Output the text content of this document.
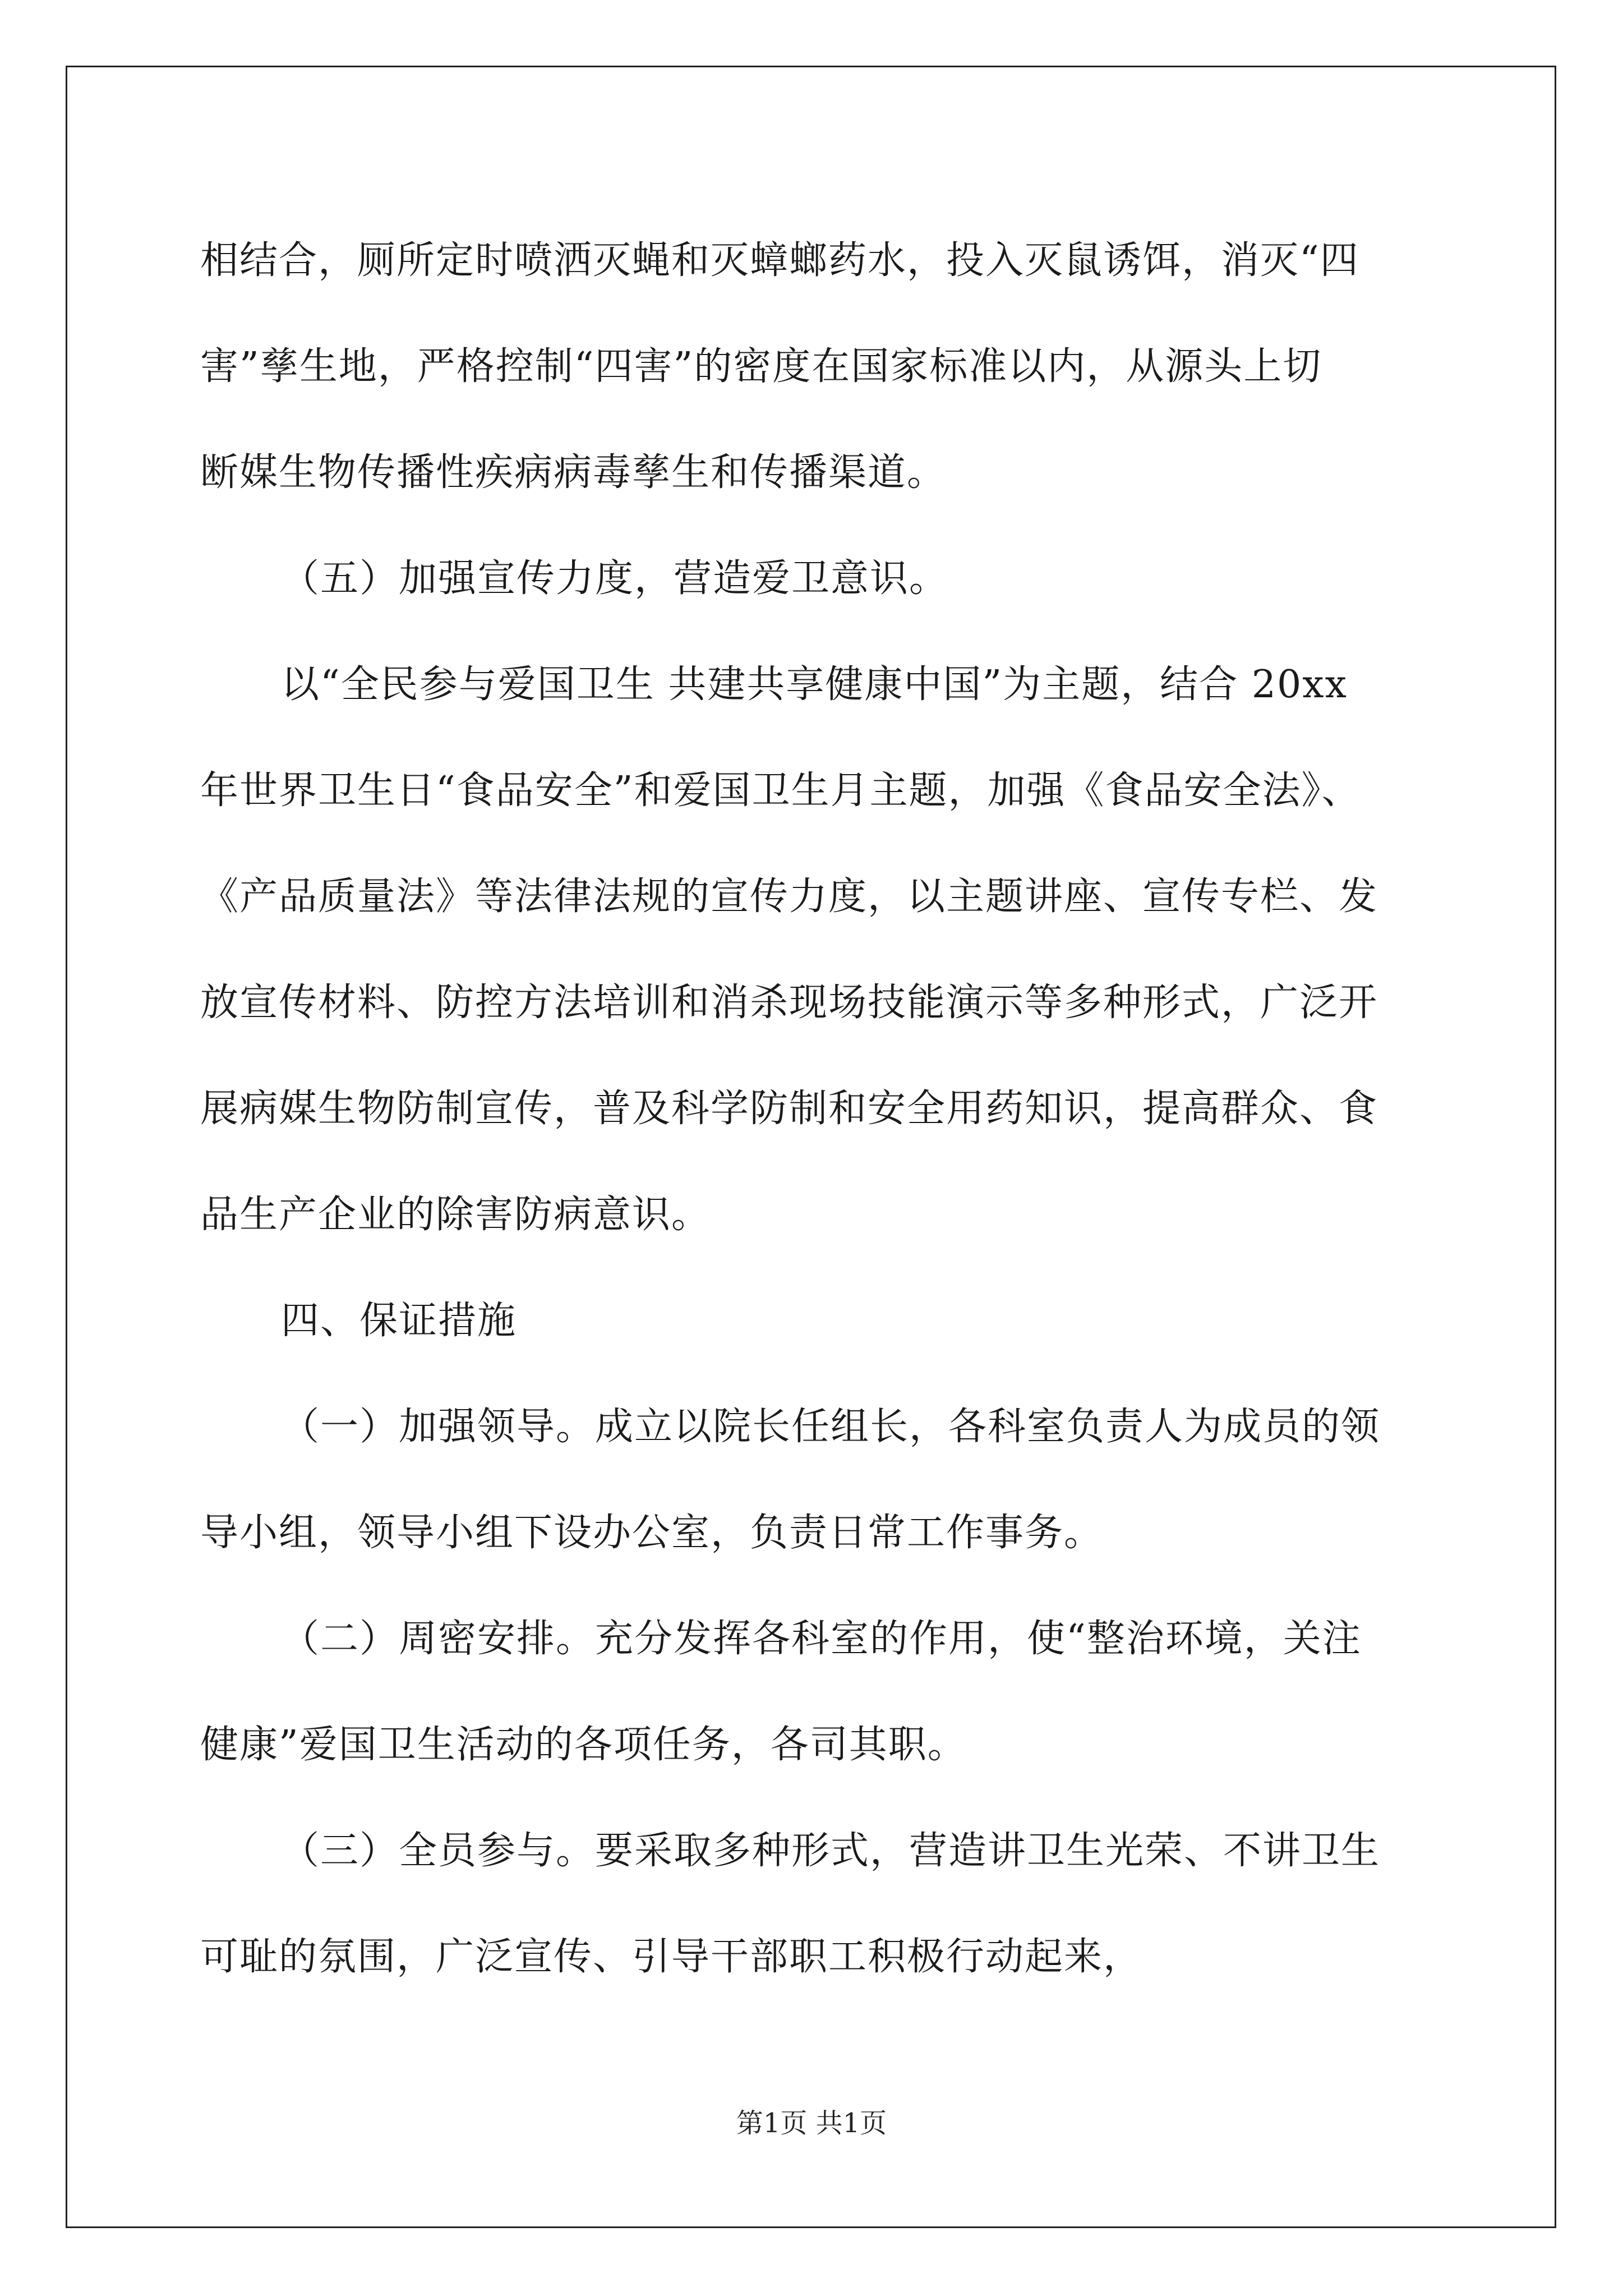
相结合，厕所定时喷洒灭蝇和灭蟑螂药水，投入灭鼠诱饵，消灭“四
害”孳生地，严格控制“四害”的密度在国家标准以内，从源头上切
断媒生物传播性疾病病毒孳生和传播渠道。

（五）加强宣传力度，营造爱卫意识。

以“全民参与爱国卫生 共建共享健康中国”为主题，结合 20xx
年世界卫生日“食品安全”和爱国卫生月主题，加强《食品安全法》、
《产品质量法》等法律法规的宣传力度，以主题讲座、宣传专栏、发
放宣传材料、防控方法培训和消杀现场技能演示等多种形式，广泛开
展病媒生物防制宣传，普及科学防制和安全用药知识，提高群众、食
品生产企业的除害防病意识。

四、保证措施

（一）加强领导。成立以院长任组长，各科室负责人为成员的领
导小组，领导小组下设办公室，负责日常工作事务。

（二）周密安排。充分发挥各科室的作用，使“整治环境，关注
健康”爱国卫生活动的各项任务，各司其职。

（三）全员参与。要采取多种形式，营造讲卫生光荣、不讲卫生
可耻的氛围，广泛宣传、引导干部职工积极行动起来，

第1页 共1页
